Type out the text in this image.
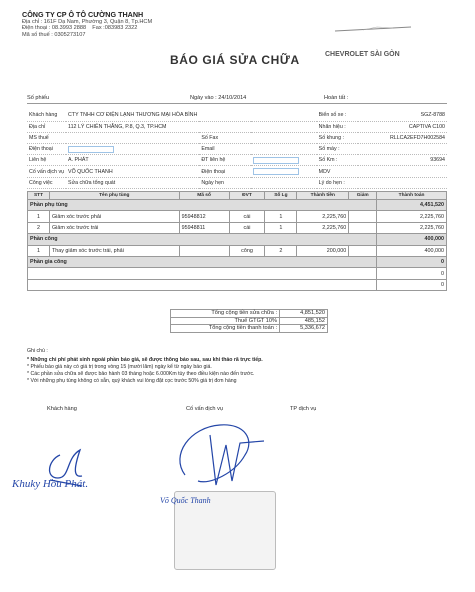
CÔNG TY CP Ô TÔ CƯỜNG THANH
Địa chỉ : 161F Dạ Nam, Phường 3, Quận 8, Tp.HCM
Điện thoại : 08.3993 2888 Fax :083983 2322
Mã số thuế : 0305273107
CHEVROLET SÀI GÒN
BÁO GIÁ SỬA CHỮA
Số phiếu	Ngày vào : 24/10/2014	Hoàn tất :
Khách hàng	CTY TNHH CƠ ĐIỆN LẠNH THƯƠNG MẠI HÒA BÌNH			Biển số xe :	SGZ-8788
Địa chỉ	112 LÝ CHIÊN THẮNG, P.8, Q.3, TP.HCM			Nhãn hiệu :	CAPTIVA C100
MS thuế		Số Fax		Số khung :	RLLCA2EFD7H002584
Điện thoại		Email		Số máy :	
Liên hệ	A. PHÁT	ĐT liên hệ		Số Km :	93694
Cố vấn dịch vụ	VÕ QUỐC THANH	Điện thoại		MDV	
Công việc	Sửa chữa tổng quát	Ngày hẹn		Lý do hẹn :	
STT	Tên phụ tùng	Mã số	ĐVT	Số Lg	Thành tiền	Giảm	Thành toán
Phần phụ tùng							4,451,520
1	Giảm xóc trước phải	95948812	cái	1	2,225,760		2,225,760
2	Giảm xóc trước trái	95948811	cái	1	2,225,760		2,225,760
Phần công							400,000
1	Thay giảm xóc trước trái, phải		công	2	200,000		400,000
Phần gia công							0
							0
							0
Tổng cộng tiền sửa chữa :	4,851,520
Thuế GTGT 10%	485,152
Tổng cộng tiền thanh toán :	5,336,672
Ghi chú :
* Những chi phí phát sinh ngoài phần báo giá, sẽ được thông báo sau, sau khi thảo rã trực tiếp.
* Phiếu báo giá này có giá trị trong vòng 15 (mười lăm) ngày kể từ ngày báo giá.
* Các phần sửa chữa sẽ được bảo hành 03 tháng hoặc 6.000Km tùy theo điều kiện nào đến trước.
* Với những phụ tùng không có sẵn, quý khách vui lòng đặt cọc trước 50% giá trị đơn hàng
Khách hàng	Cố vấn dịch vụ	TP dịch vụ
Khuky Hồu Phát.
Võ Quốc Thanh
